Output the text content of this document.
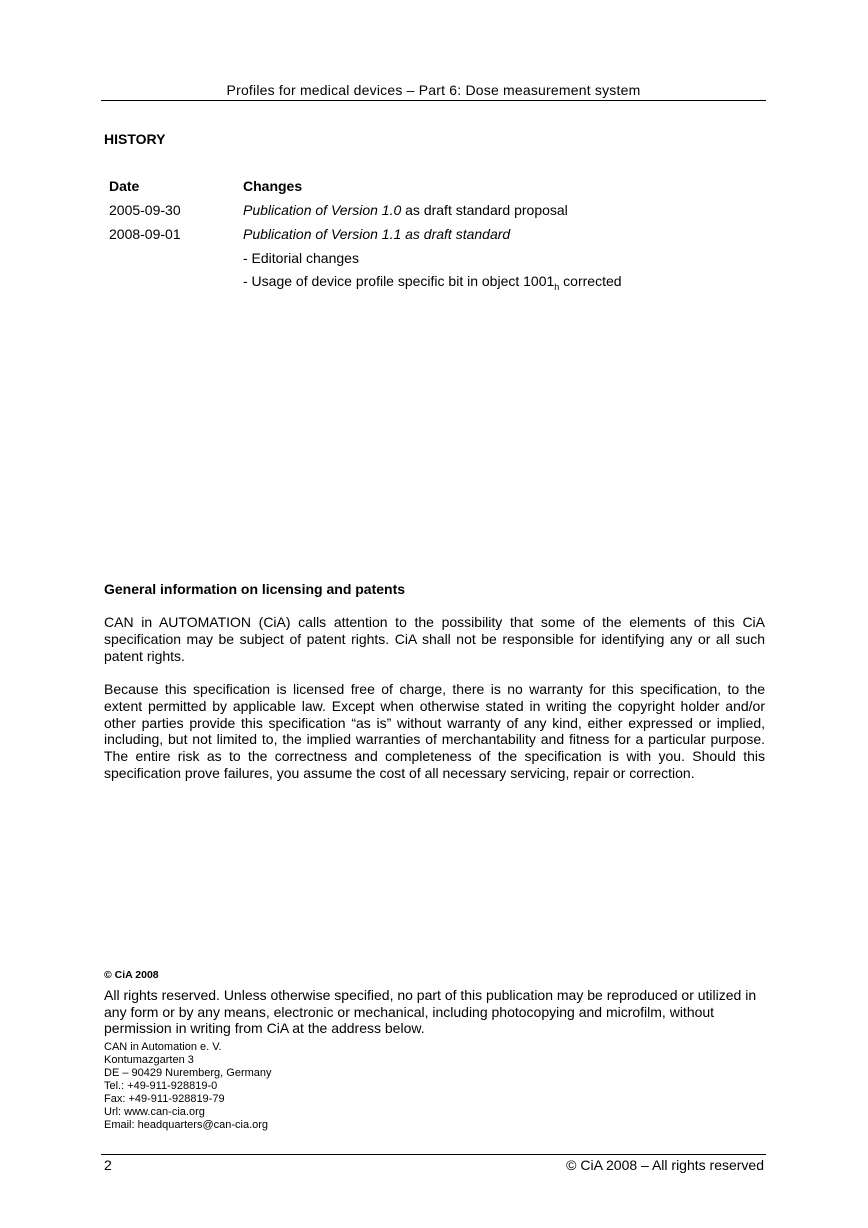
Profiles for medical devices – Part 6: Dose measurement system
HISTORY
Date	Changes
2005-09-30	Publication of Version 1.0 as draft standard proposal
2008-09-01	Publication of Version 1.1 as draft standard
	- Editorial changes
	- Usage of device profile specific bit in object $1001_h$ corrected
General information on licensing and patents

CAN in AUTOMATION (CiA) calls attention to the possibility that some of the elements of this CiA specification may be subject of patent rights. CiA shall not be responsible for identifying any or all such patent rights.

Because this specification is licensed free of charge, there is no warranty for this specification, to the extent permitted by applicable law. Except when otherwise stated in writing the copyright holder and/or other parties provide this specification “as is” without warranty of any kind, either expressed or implied, including, but not limited to, the implied warranties of merchantability and fitness for a particular purpose. The entire risk as to the correctness and completeness of the specification is with you. Should this specification prove failures, you assume the cost of all necessary servicing, repair or correction.

© CiA 2008

All rights reserved. Unless otherwise specified, no part of this publication may be reproduced or utilized in any form or by any means, electronic or mechanical, including photocopying and microfilm, without permission in writing from CiA at the address below.

CAN in Automation e. V.
Kontumazgarten 3
DE – 90429 Nuremberg, Germany
Tel.: +49-911-928819-0
Fax: +49-911-928819-79
Url: www.can-cia.org
Email: headquarters@can-cia.org
2	© CiA 2008 – All rights reserved
